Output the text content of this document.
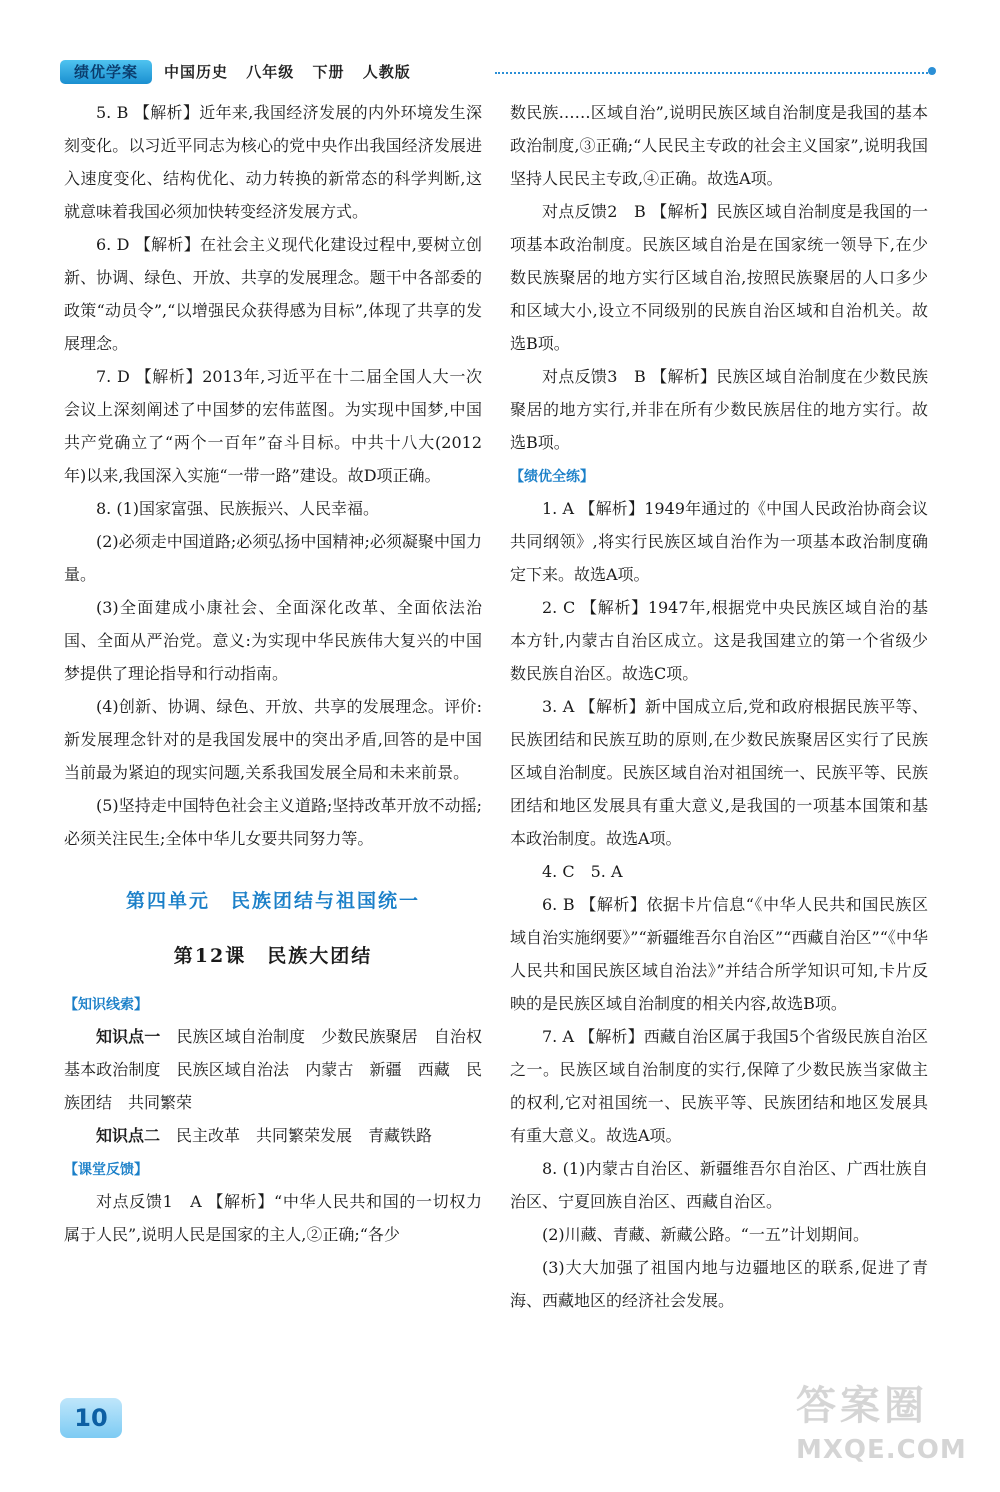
绩优学案	中国历史 八年级 下册 人教版

5. B 【解析】近年来,我国经济发展的内外环境发生深刻变化。以习近平同志为核心的党中央作出我国经济发展进入速度变化、结构优化、动力转换的新常态的科学判断,这就意味着我国必须加快转变经济发展方式。

6. D 【解析】在社会主义现代化建设过程中,要树立创新、协调、绿色、开放、共享的发展理念。题干中各部委的政策“动员令”,“以增强民众获得感为目标”,体现了共享的发展理念。

7. D 【解析】2013年,习近平在十二届全国人大一次会议上深刻阐述了中国梦的宏伟蓝图。为实现中国梦,中国共产党确立了“两个一百年”奋斗目标。中共十八大(2012年)以来,我国深入实施“一带一路”建设。故D项正确。

8. (1)国家富强、民族振兴、人民幸福。

(2)必须走中国道路;必须弘扬中国精神;必须凝聚中国力量。

(3)全面建成小康社会、全面深化改革、全面依法治国、全面从严治党。意义:为实现中华民族伟大复兴的中国梦提供了理论指导和行动指南。

(4)创新、协调、绿色、开放、共享的发展理念。评价:新发展理念针对的是我国发展中的突出矛盾,回答的是中国当前最为紧迫的现实问题,关系我国发展全局和未来前景。

(5)坚持走中国特色社会主义道路;坚持改革开放不动摇;必须关注民生;全体中华儿女要共同努力等。

第四单元　民族团结与祖国统一

第12课　民族大团结

【知识线索】

知识点一　 民族区域自治制度　少数民族聚居　自治权　基本政治制度　民族区域自治法　内蒙古　新疆　西藏　民族团结　共同繁荣

知识点二　 民主改革　共同繁荣发展　青藏铁路

【课堂反馈】

对点反馈1　A 【解析】“中华人民共和国的一切权力属于人民”,说明人民是国家的主人,②正确;“各少

数民族……区域自治”,说明民族区域自治制度是我国的基本政治制度,③正确;“人民民主专政的社会主义国家”,说明我国坚持人民民主专政,④正确。故选A项。

对点反馈2　B 【解析】民族区域自治制度是我国的一项基本政治制度。民族区域自治是在国家统一领导下,在少数民族聚居的地方实行区域自治,按照民族聚居的人口多少和区域大小,设立不同级别的民族自治区域和自治机关。故选B项。

对点反馈3　B 【解析】民族区域自治制度在少数民族聚居的地方实行,并非在所有少数民族居住的地方实行。故选B项。

【绩优全练】

1. A 【解析】1949年通过的《中国人民政治协商会议共同纲领》,将实行民族区域自治作为一项基本政治制度确定下来。故选A项。

2. C 【解析】1947年,根据党中央民族区域自治的基本方针,内蒙古自治区成立。这是我国建立的第一个省级少数民族自治区。故选C项。

3. A 【解析】新中国成立后,党和政府根据民族平等、民族团结和民族互助的原则,在少数民族聚居区实行了民族区域自治制度。民族区域自治对祖国统一、民族平等、民族团结和地区发展具有重大意义,是我国的一项基本国策和基本政治制度。故选A项。

4. C　5. A

6. B 【解析】依据卡片信息“《中华人民共和国民族区域自治实施纲要》”“新疆维吾尔自治区”“西藏自治区”“《中华人民共和国民族区域自治法》”并结合所学知识可知,卡片反映的是民族区域自治制度的相关内容,故选B项。

7. A 【解析】西藏自治区属于我国5个省级民族自治区之一。民族区域自治制度的实行,保障了少数民族当家做主的权利,它对祖国统一、民族平等、民族团结和地区发展具有重大意义。故选A项。

8. (1)内蒙古自治区、新疆维吾尔自治区、广西壮族自治区、宁夏回族自治区、西藏自治区。

(2)川藏、青藏、新藏公路。“一五”计划期间。

(3)大大加强了祖国内地与边疆地区的联系,促进了青海、西藏地区的经济社会发展。

10	答案圈
MXQE.COM
